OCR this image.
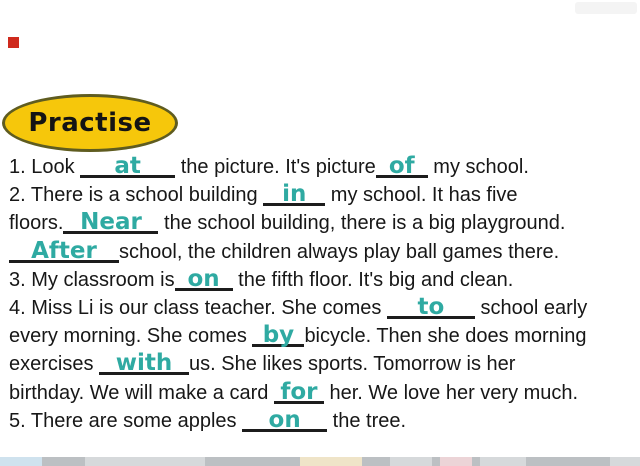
Practise
1. Look at the picture. It's picture of my school.
2. There is a school building in my school. It has five
floors. Near the school building, there is a big playground.
After school, the children always play ball games there.
3. My classroom is on the fifth floor. It's big and clean.
4. Miss Li is our class teacher. She comes to school early
every morning. She comes by bicycle. Then she does morning
exercises with us. She likes sports. Tomorrow is her
birthday. We will make a card for her. We love her very much.
5. There are some apples on the tree.
